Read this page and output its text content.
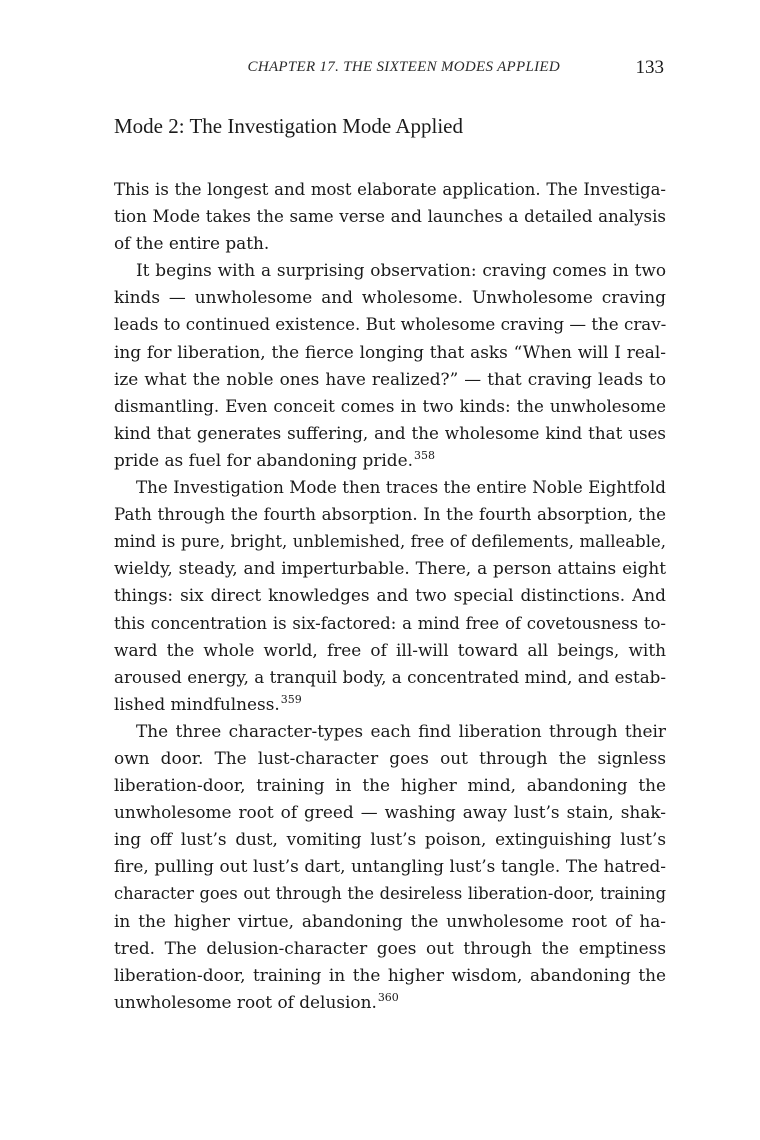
CHAPTER 17. THE SIXTEEN MODES APPLIED	133
Mode 2: The Investigation Mode Applied
This is the longest and most elaborate application. The Investiga-
tion Mode takes the same verse and launches a detailed analysis
of the entire path.
It begins with a surprising observation: craving comes in two
kinds — unwholesome and wholesome. Unwholesome craving
leads to continued existence. But wholesome craving — the crav-
ing for liberation, the fierce longing that asks “When will I real-
ize what the noble ones have realized?” — that craving leads to
dismantling. Even conceit comes in two kinds: the unwholesome
kind that generates suffering, and the wholesome kind that uses
pride as fuel for abandoning pride.$^{358}$
The Investigation Mode then traces the entire Noble Eightfold
Path through the fourth absorption. In the fourth absorption, the
mind is pure, bright, unblemished, free of defilements, malleable,
wieldy, steady, and imperturbable. There, a person attains eight
things: six direct knowledges and two special distinctions. And
this concentration is six-factored: a mind free of covetousness to-
ward the whole world, free of ill-will toward all beings, with
aroused energy, a tranquil body, a concentrated mind, and estab-
lished mindfulness.$^{359}$
The three character-types each find liberation through their
own door. The lust-character goes out through the signless
liberation-door, training in the higher mind, abandoning the
unwholesome root of greed — washing away lust’s stain, shak-
ing off lust’s dust, vomiting lust’s poison, extinguishing lust’s
fire, pulling out lust’s dart, untangling lust’s tangle. The hatred-
character goes out through the desireless liberation-door, training
in the higher virtue, abandoning the unwholesome root of ha-
tred. The delusion-character goes out through the emptiness
liberation-door, training in the higher wisdom, abandoning the
unwholesome root of delusion.$^{360}$
